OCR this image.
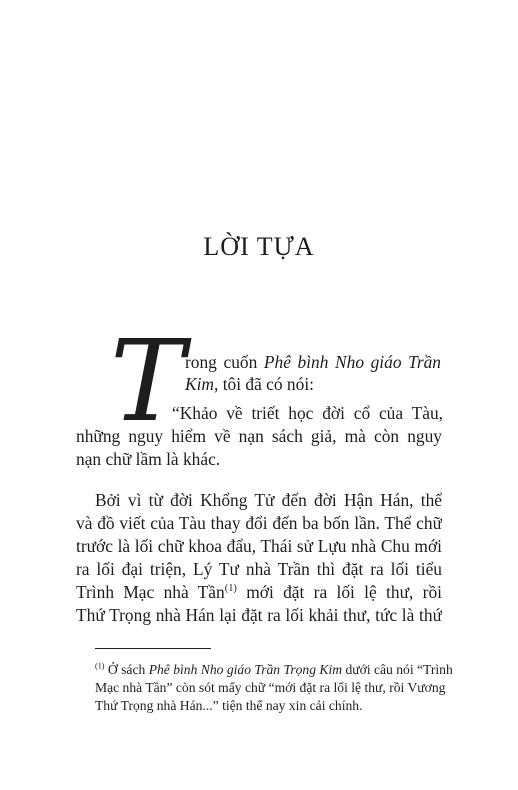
LỜI TỰA
T rong cuốn Phê bình Nho giáo Trần

Kim, tôi đã có nói:

“Khảo về triết học đời cổ của Tàu,

những nguy hiểm về nạn sách giả, mà còn nguy

nạn chữ lầm là khác.

Bởi vì từ đời Khổng Tử đến đời Hận Hán, thể

và đồ viết của Tàu thay đổi đến ba bốn lần. Thể chữ

trước là lối chữ khoa đẩu, Thái sử Lựu nhà Chu mới

ra lối đại triện, Lý Tư nhà Trần thì đặt ra lối tiểu

Trình Mạc nhà Tần$^{(1)}$ mới đặt ra lối lệ thư, rồi

Thứ Trọng nhà Hán lại đặt ra lối khải thư, tức là thứ

$^{(1)}$ Ở sách Phê bình Nho giáo Trần Trọng Kim dưới câu nói “Trình
Mạc nhà Tần” còn sót mấy chữ “mới đặt ra lối lệ thư, rồi Vương
Thứ Trọng nhà Hán...” tiện thể nay xin cải chính.
